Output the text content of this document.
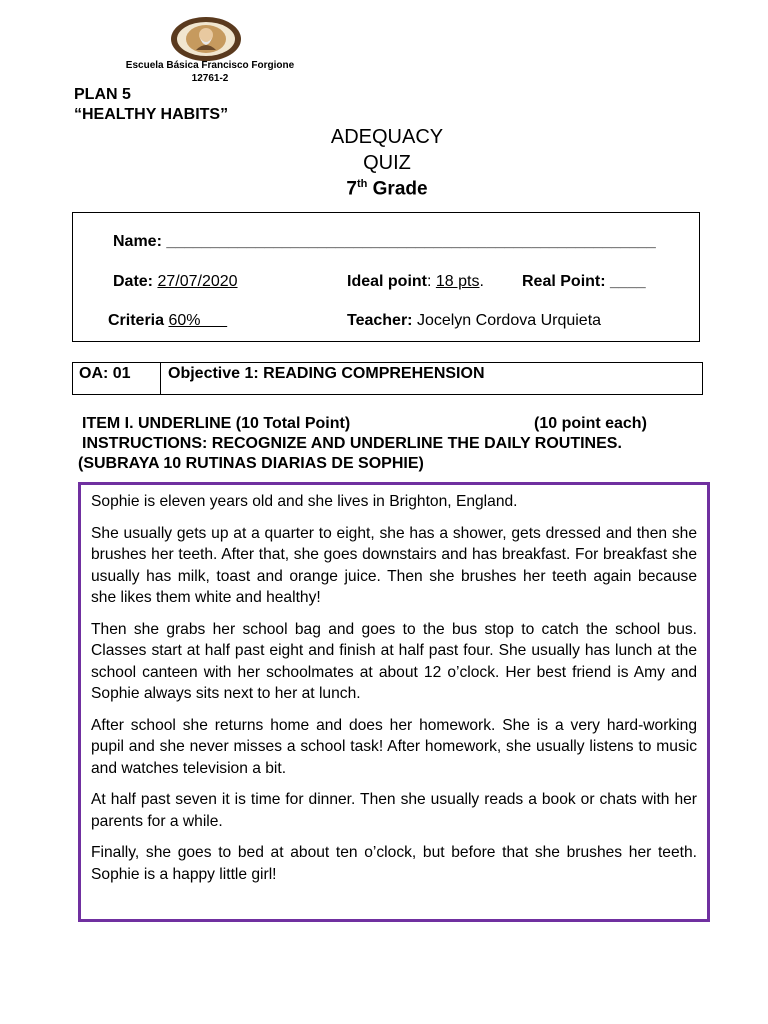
Escuela Básica Francisco Forgione
12761-2
PLAN 5
“HEALTHY HABITS”
ADEQUACY
QUIZ
7th Grade
Name: _______________________________________________________
Date: 27/07/2020	Ideal point: 18 pts. Real Point: ____
Criteria 60%	Teacher: Jocelyn Cordova Urquieta
OA: 01	Objective 1: READING COMPREHENSION
ITEM I. UNDERLINE (10 Total Point)	(10 point each)
INSTRUCTIONS: RECOGNIZE AND UNDERLINE THE DAILY ROUTINES.
(SUBRAYA 10 RUTINAS DIARIAS DE SOPHIE)

Sophie is eleven years old and she lives in Brighton, England.

She usually gets up at a quarter to eight, she has a shower, gets dressed and then she brushes her teeth. After that, she goes downstairs and has breakfast. For breakfast she usually has milk, toast and orange juice. Then she brushes her teeth again because she likes them white and healthy!

Then she grabs her school bag and goes to the bus stop to catch the school bus. Classes start at half past eight and finish at half past four. She usually has lunch at the school canteen with her schoolmates at about 12 o’clock. Her best friend is Amy and Sophie always sits next to her at lunch.

After school she returns home and does her homework. She is a very hard-working pupil and she never misses a school task! After homework, she usually listens to music and watches television a bit.

At half past seven it is time for dinner. Then she usually reads a book or chats with her parents for a while.

Finally, she goes to bed at about ten o’clock, but before that she brushes her teeth. Sophie is a happy little girl!
